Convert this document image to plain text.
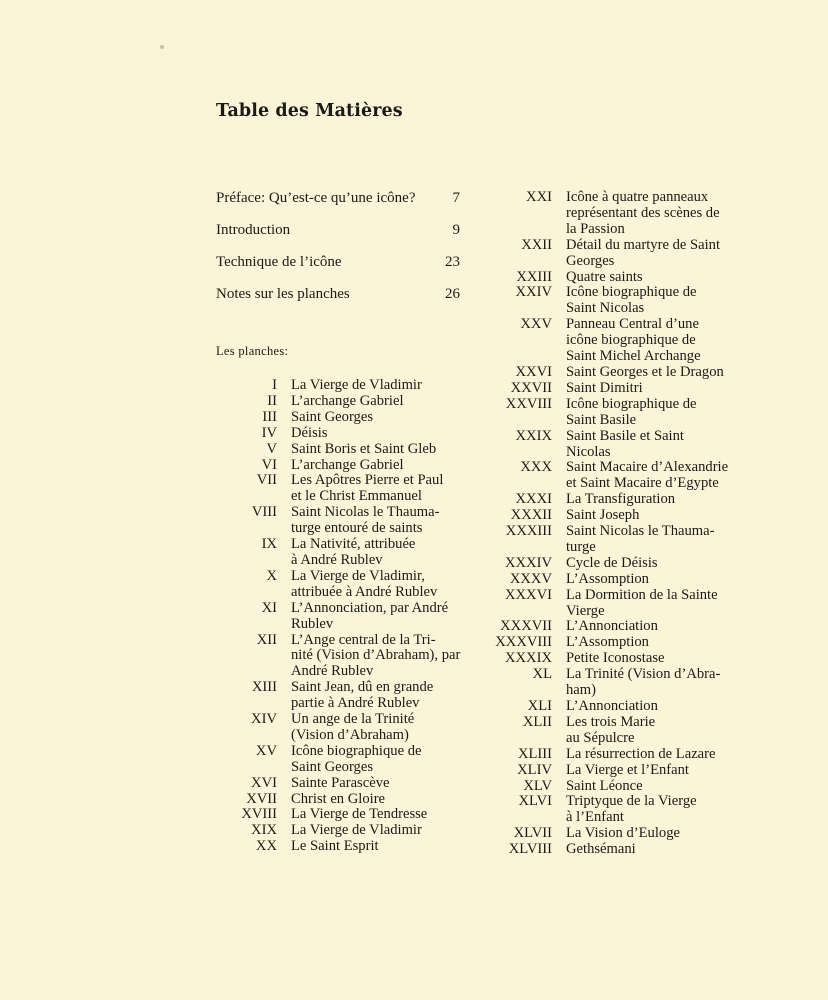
Table des Matières
Préface: Qu’est-ce qu’une icône? 7
Introduction	9
Technique de l’icône	23
Notes sur les planches	26
Les planches:
I La Vierge de Vladimir
II L’archange Gabriel
III Saint Georges
IV Déisis
V Saint Boris et Saint Gleb
VI L’archange Gabriel
VII Les Apôtres Pierre et Paul
et le Christ Emmanuel
VIII Saint Nicolas le Thauma-
turge entouré de saints
IX La Nativité, attribuée
à André Rublev
X La Vierge de Vladimir,
attribuée à André Rublev
XI L’Annonciation, par André
Rublev
XII L’Ange central de la Tri-
nité (Vision d’Abraham), par
André Rublev
XIII Saint Jean, dû en grande
partie à André Rublev
XIV Un ange de la Trinité
(Vision d’Abraham)
XV Icône biographique de
Saint Georges
XVI Sainte Parascève
XVII Christ en Gloire
XVIII La Vierge de Tendresse
XIX La Vierge de Vladimir
XX Le Saint Esprit
XXI Icône à quatre panneaux
représentant des scènes de
la Passion
XXII Détail du martyre de Saint
Georges
XXIII Quatre saints
XXIV Icône biographique de
Saint Nicolas
XXV Panneau Central d’une
icône biographique de
Saint Michel Archange
XXVI Saint Georges et le Dragon
XXVII Saint Dimitri
XXVIII Icône biographique de
Saint Basile
XXIX Saint Basile et Saint
Nicolas
XXX Saint Macaire d’Alexandrie
et Saint Macaire d’Egypte
XXXI La Transfiguration
XXXII Saint Joseph
XXXIII Saint Nicolas le Thauma-
turge
XXXIV Cycle de Déisis
XXXV L’Assomption
XXXVI La Dormition de la Sainte
Vierge
XXXVII L’Annonciation
XXXVIII L’Assomption
XXXIX Petite Iconostase
XL La Trinité (Vision d’Abra-
ham)
XLI L’Annonciation
XLII Les trois Marie
au Sépulcre
XLIII La résurrection de Lazare
XLIV La Vierge et l’Enfant
XLV Saint Léonce
XLVI Triptyque de la Vierge
à l’Enfant
XLVII La Vision d’Euloge
XLVIII Gethsémani
